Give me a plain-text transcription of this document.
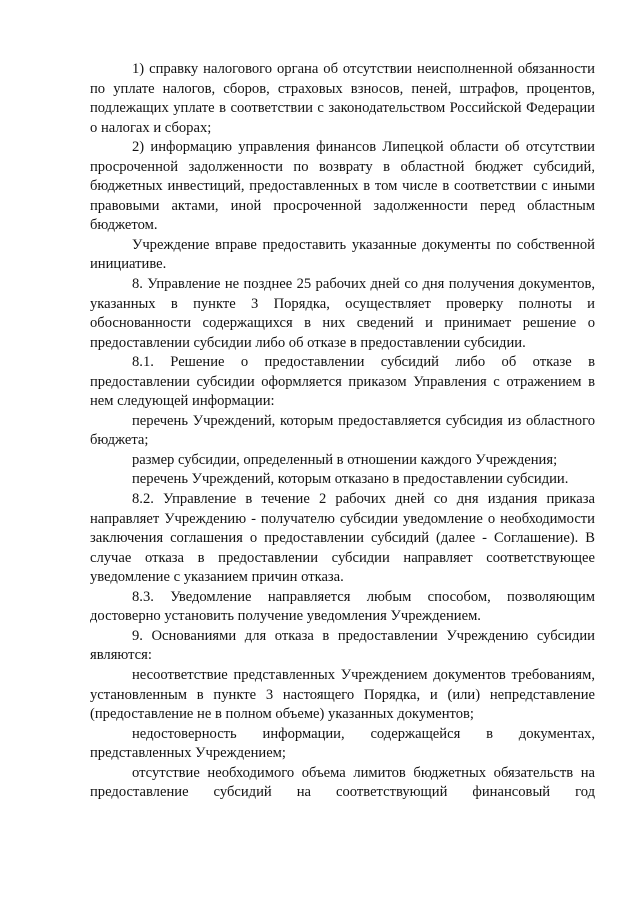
1) справку налогового органа об отсутствии неисполненной обязанности по уплате налогов, сборов, страховых взносов, пеней, штрафов, процентов, подлежащих уплате в соответствии с законодательством Российской Федерации о налогах и сборах;

2) информацию управления финансов Липецкой области об отсутствии просроченной задолженности по возврату в областной бюджет субсидий, бюджетных инвестиций, предоставленных в том числе в соответствии с иными правовыми актами, иной просроченной задолженности перед областным бюджетом.

Учреждение вправе предоставить указанные документы по собственной инициативе.

8. Управление не позднее 25 рабочих дней со дня получения документов, указанных в пункте 3 Порядка, осуществляет проверку полноты и обоснованности содержащихся в них сведений и принимает решение о предоставлении субсидии либо об отказе в предоставлении субсидии.

8.1. Решение о предоставлении субсидий либо об отказе в предоставлении субсидии оформляется приказом Управления с отражением в нем следующей информации:

перечень Учреждений, которым предоставляется субсидия из областного бюджета;

размер субсидии, определенный в отношении каждого Учреждения;

перечень Учреждений, которым отказано в предоставлении субсидии.

8.2. Управление в течение 2 рабочих дней со дня издания приказа направляет Учреждению - получателю субсидии уведомление о необходимости заключения соглашения о предоставлении субсидий (далее - Соглашение). В случае отказа в предоставлении субсидии направляет соответствующее уведомление с указанием причин отказа.

8.3. Уведомление направляется любым способом, позволяющим достоверно установить получение уведомления Учреждением.

9. Основаниями для отказа в предоставлении Учреждению субсидии являются:

несоответствие представленных Учреждением документов требованиям, установленным в пункте 3 настоящего Порядка, и (или) непредставление (предоставление не в полном объеме) указанных документов;

недостоверность информации, содержащейся в документах, представленных Учреждением;

отсутствие необходимого объема лимитов бюджетных обязательств на предоставление субсидий на соответствующий финансовый год
